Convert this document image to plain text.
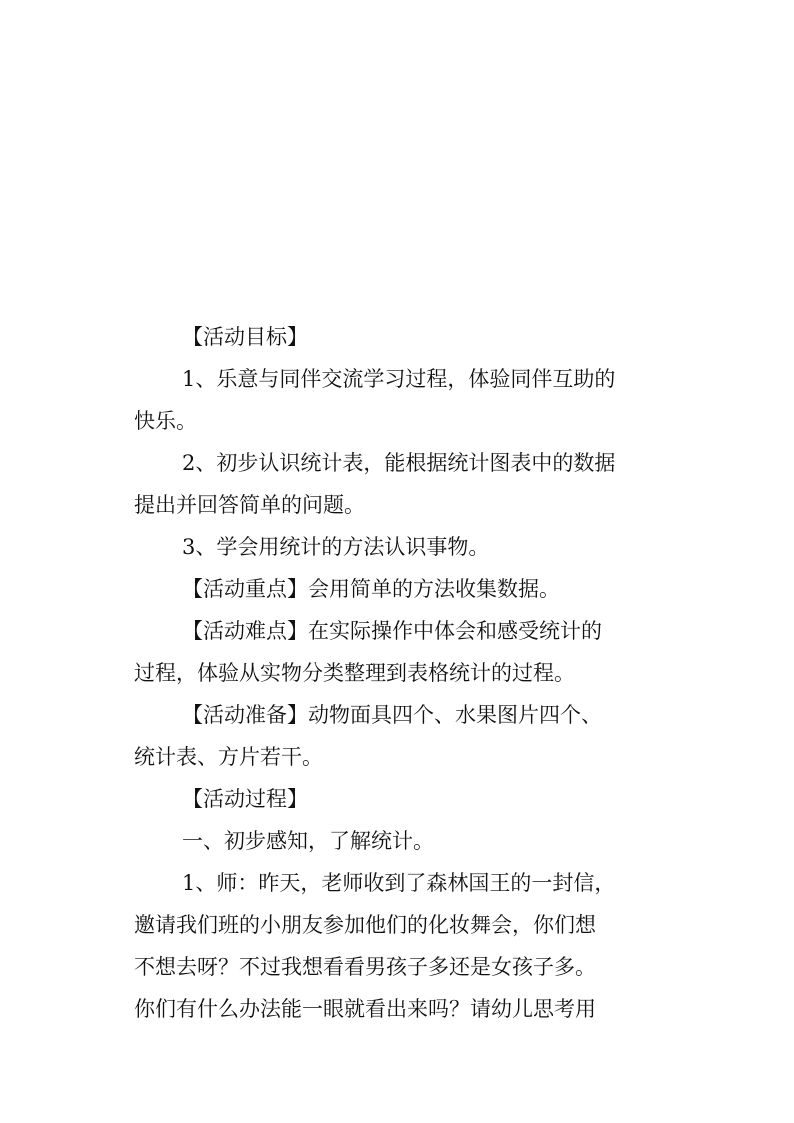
【活动目标】
1、乐意与同伴交流学习过程，体验同伴互助的
快乐。
2、初步认识统计表，能根据统计图表中的数据
提出并回答简单的问题。
3、学会用统计的方法认识事物。
【活动重点】会用简单的方法收集数据。
【活动难点】在实际操作中体会和感受统计的
过程，体验从实物分类整理到表格统计的过程。
【活动准备】动物面具四个、水果图片四个、
统计表、方片若干。
【活动过程】
一、初步感知，了解统计。
1、师：昨天，老师收到了森林国王的一封信，
邀请我们班的小朋友参加他们的化妆舞会，你们想
不想去呀？不过我想看看男孩子多还是女孩子多。
你们有什么办法能一眼就看出来吗？请幼儿思考用
